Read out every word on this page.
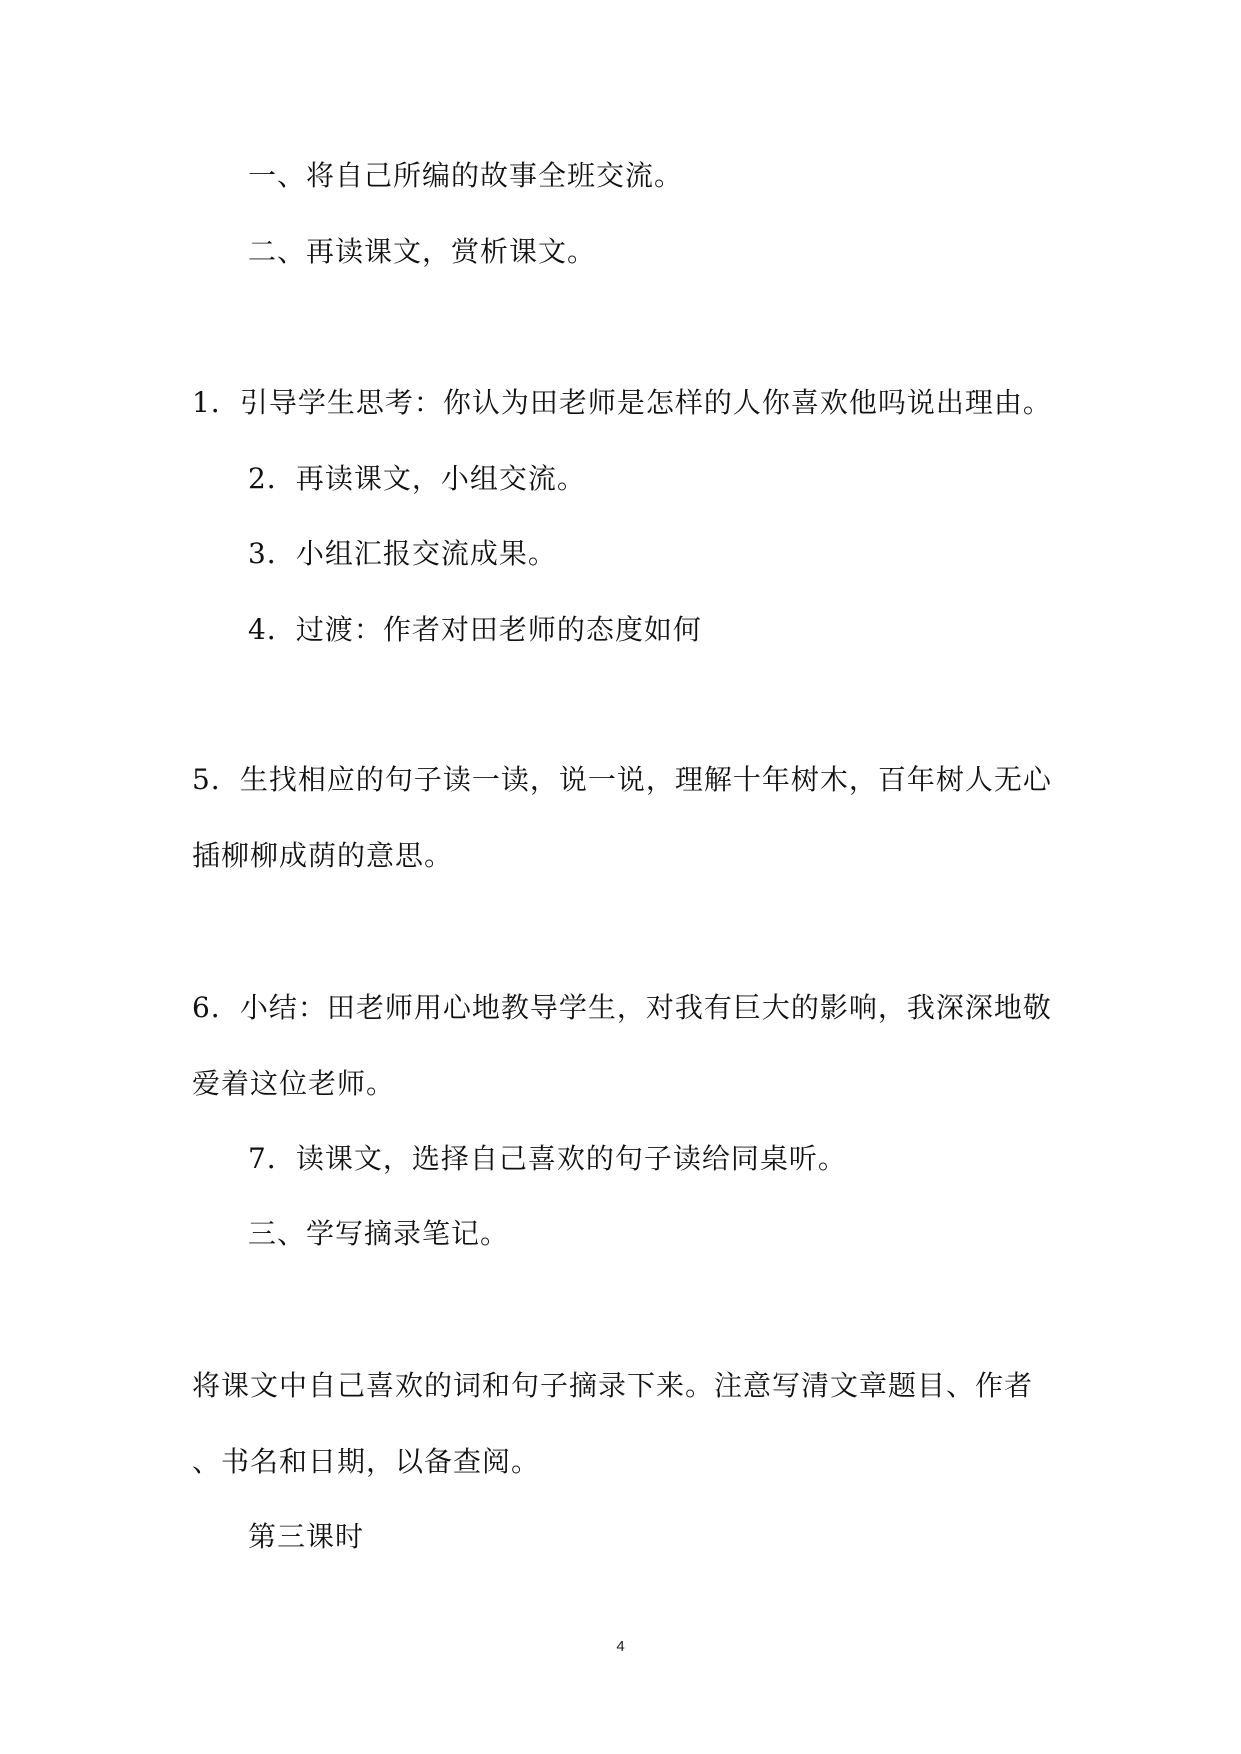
一、将自己所编的故事全班交流。
二、再读课文，赏析课文。
1．引导学生思考：你认为田老师是怎样的人你喜欢他吗说出理由。
2．再读课文，小组交流。
3．小组汇报交流成果。
4．过渡：作者对田老师的态度如何
5．生找相应的句子读一读，说一说，理解十年树木，百年树人无心
插柳柳成荫的意思。
6．小结：田老师用心地教导学生，对我有巨大的影响，我深深地敬
爱着这位老师。
7．读课文，选择自己喜欢的句子读给同桌听。
三、学写摘录笔记。
将课文中自己喜欢的词和句子摘录下来。注意写清文章题目、作者
、书名和日期，以备查阅。
第三课时
4
